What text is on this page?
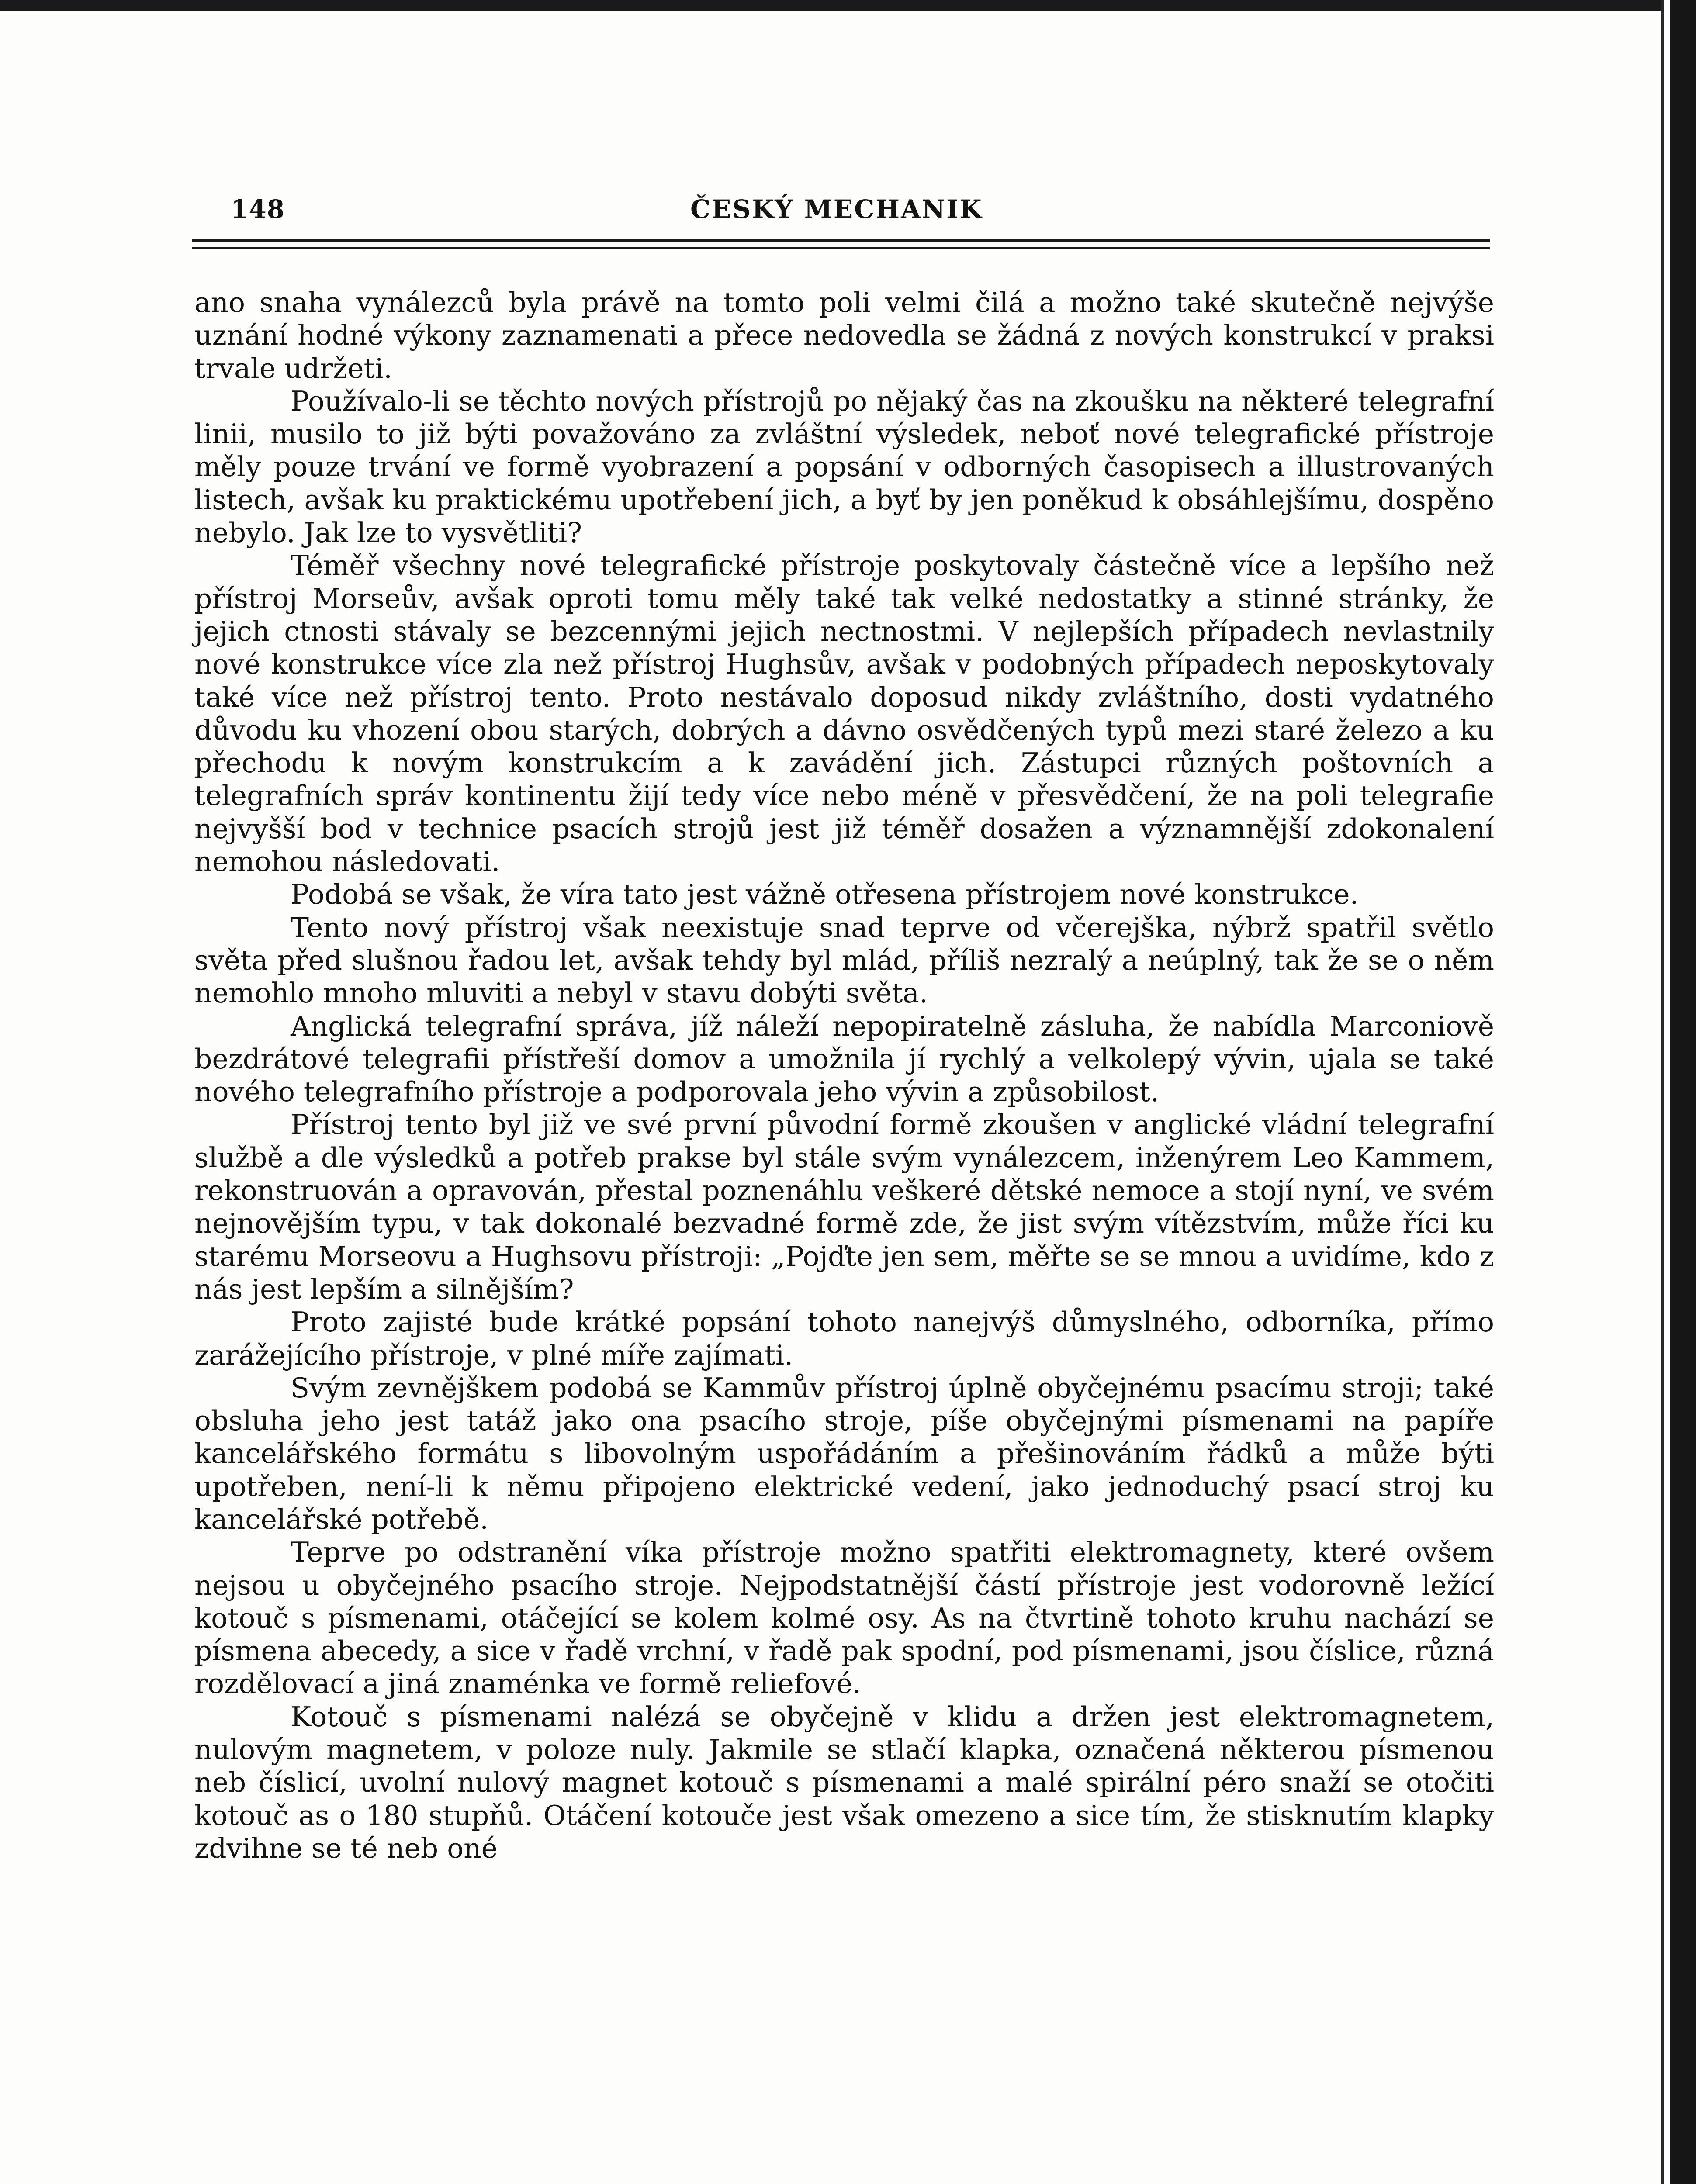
148	ČESKÝ MECHANIK

ano snaha vynálezců byla právě na tomto poli velmi čilá a možno také skutečně nejvýše uznání hodné výkony zaznamenati a přece nedovedla se žádná z nových konstrukcí v praksi trvale udržeti.

Používalo-li se těchto nových přístrojů po nějaký čas na zkoušku na některé telegrafní linii, musilo to již býti považováno za zvláštní výsledek, neboť nové telegrafické přístroje měly pouze trvání ve formě vyobrazení a popsání v odborných časopisech a illustrovaných listech, avšak ku praktickému upotřebení jich, a byť by jen poněkud k obsáhlejšímu, dospěno nebylo. Jak lze to vysvětliti?

Téměř všechny nové telegrafické přístroje poskytovaly částečně více a lepšího než přístroj Morseův, avšak oproti tomu měly také tak velké nedostatky a stinné stránky, že jejich ctnosti stávaly se bezcennými jejich nectnostmi. V nejlepších případech nevlastnily nové konstrukce více zla než přístroj Hughsův, avšak v podobných případech neposkytovaly také více než přístroj tento. Proto nestávalo doposud nikdy zvláštního, dosti vydatného důvodu ku vhození obou starých, dobrých a dávno osvědčených typů mezi staré železo a ku přechodu k novým konstrukcím a k zavádění jich. Zástupci různých poštovních a telegrafních správ kontinentu žijí tedy více nebo méně v přesvědčení, že na poli telegrafie nejvyšší bod v technice psacích strojů jest již téměř dosažen a významnější zdokonalení nemohou následovati.

Podobá se však, že víra tato jest vážně otřesena přístrojem nové konstrukce.

Tento nový přístroj však neexistuje snad teprve od včerejška, nýbrž spatřil světlo světa před slušnou řadou let, avšak tehdy byl mlád, příliš nezralý a neúplný, tak že se o něm nemohlo mnoho mluviti a nebyl v stavu dobýti světa.

Anglická telegrafní správa, jíž náleží nepopiratelně zásluha, že nabídla Marconiově bezdrátové telegrafii přístřeší domov a umožnila jí rychlý a velkolepý vývin, ujala se také nového telegrafního přístroje a podporovala jeho vývin a způsobilost.

Přístroj tento byl již ve své první původní formě zkoušen v anglické vládní telegrafní službě a dle výsledků a potřeb prakse byl stále svým vynálezcem, inženýrem Leo Kammem, rekonstruován a opravován, přestal poznenáhlu veškeré dětské nemoce a stojí nyní, ve svém nejnovějším typu, v tak dokonalé bezvadné formě zde, že jist svým vítězstvím, může říci ku starému Morseovu a Hughsovu přístroji: „Pojďte jen sem, měřte se se mnou a uvidíme, kdo z nás jest lepším a silnějším?

Proto zajisté bude krátké popsání tohoto nanejvýš důmyslného, odborníka, přímo zarážejícího přístroje, v plné míře zajímati.

Svým zevnějškem podobá se Kammův přístroj úplně obyčejnému psacímu stroji; také obsluha jeho jest tatáž jako ona psacího stroje, píše obyčejnými písmenami na papíře kancelářského formátu s libovolným uspořádáním a přešinováním řádků a může býti upotřeben, není-li k němu připojeno elektrické vedení, jako jednoduchý psací stroj ku kancelářské potřebě.

Teprve po odstranění víka přístroje možno spatřiti elektromagnety, které ovšem nejsou u obyčejného psacího stroje. Nejpodstatnější částí přístroje jest vodorovně ležící kotouč s písmenami, otáčející se kolem kolmé osy. As na čtvrtině tohoto kruhu nachází se písmena abecedy, a sice v řadě vrchní, v řadě pak spodní, pod písmenami, jsou číslice, různá rozdělovací a jiná znaménka ve formě reliefové.

Kotouč s písmenami nalézá se obyčejně v klidu a držen jest elektromagnetem, nulovým magnetem, v poloze nuly. Jakmile se stlačí klapka, označená některou písmenou neb číslicí, uvolní nulový magnet kotouč s písmenami a malé spirální péro snaží se otočiti kotouč as o 180 stupňů. Otáčení kotouče jest však omezeno a sice tím, že stisknutím klapky zdvihne se té neb oné
